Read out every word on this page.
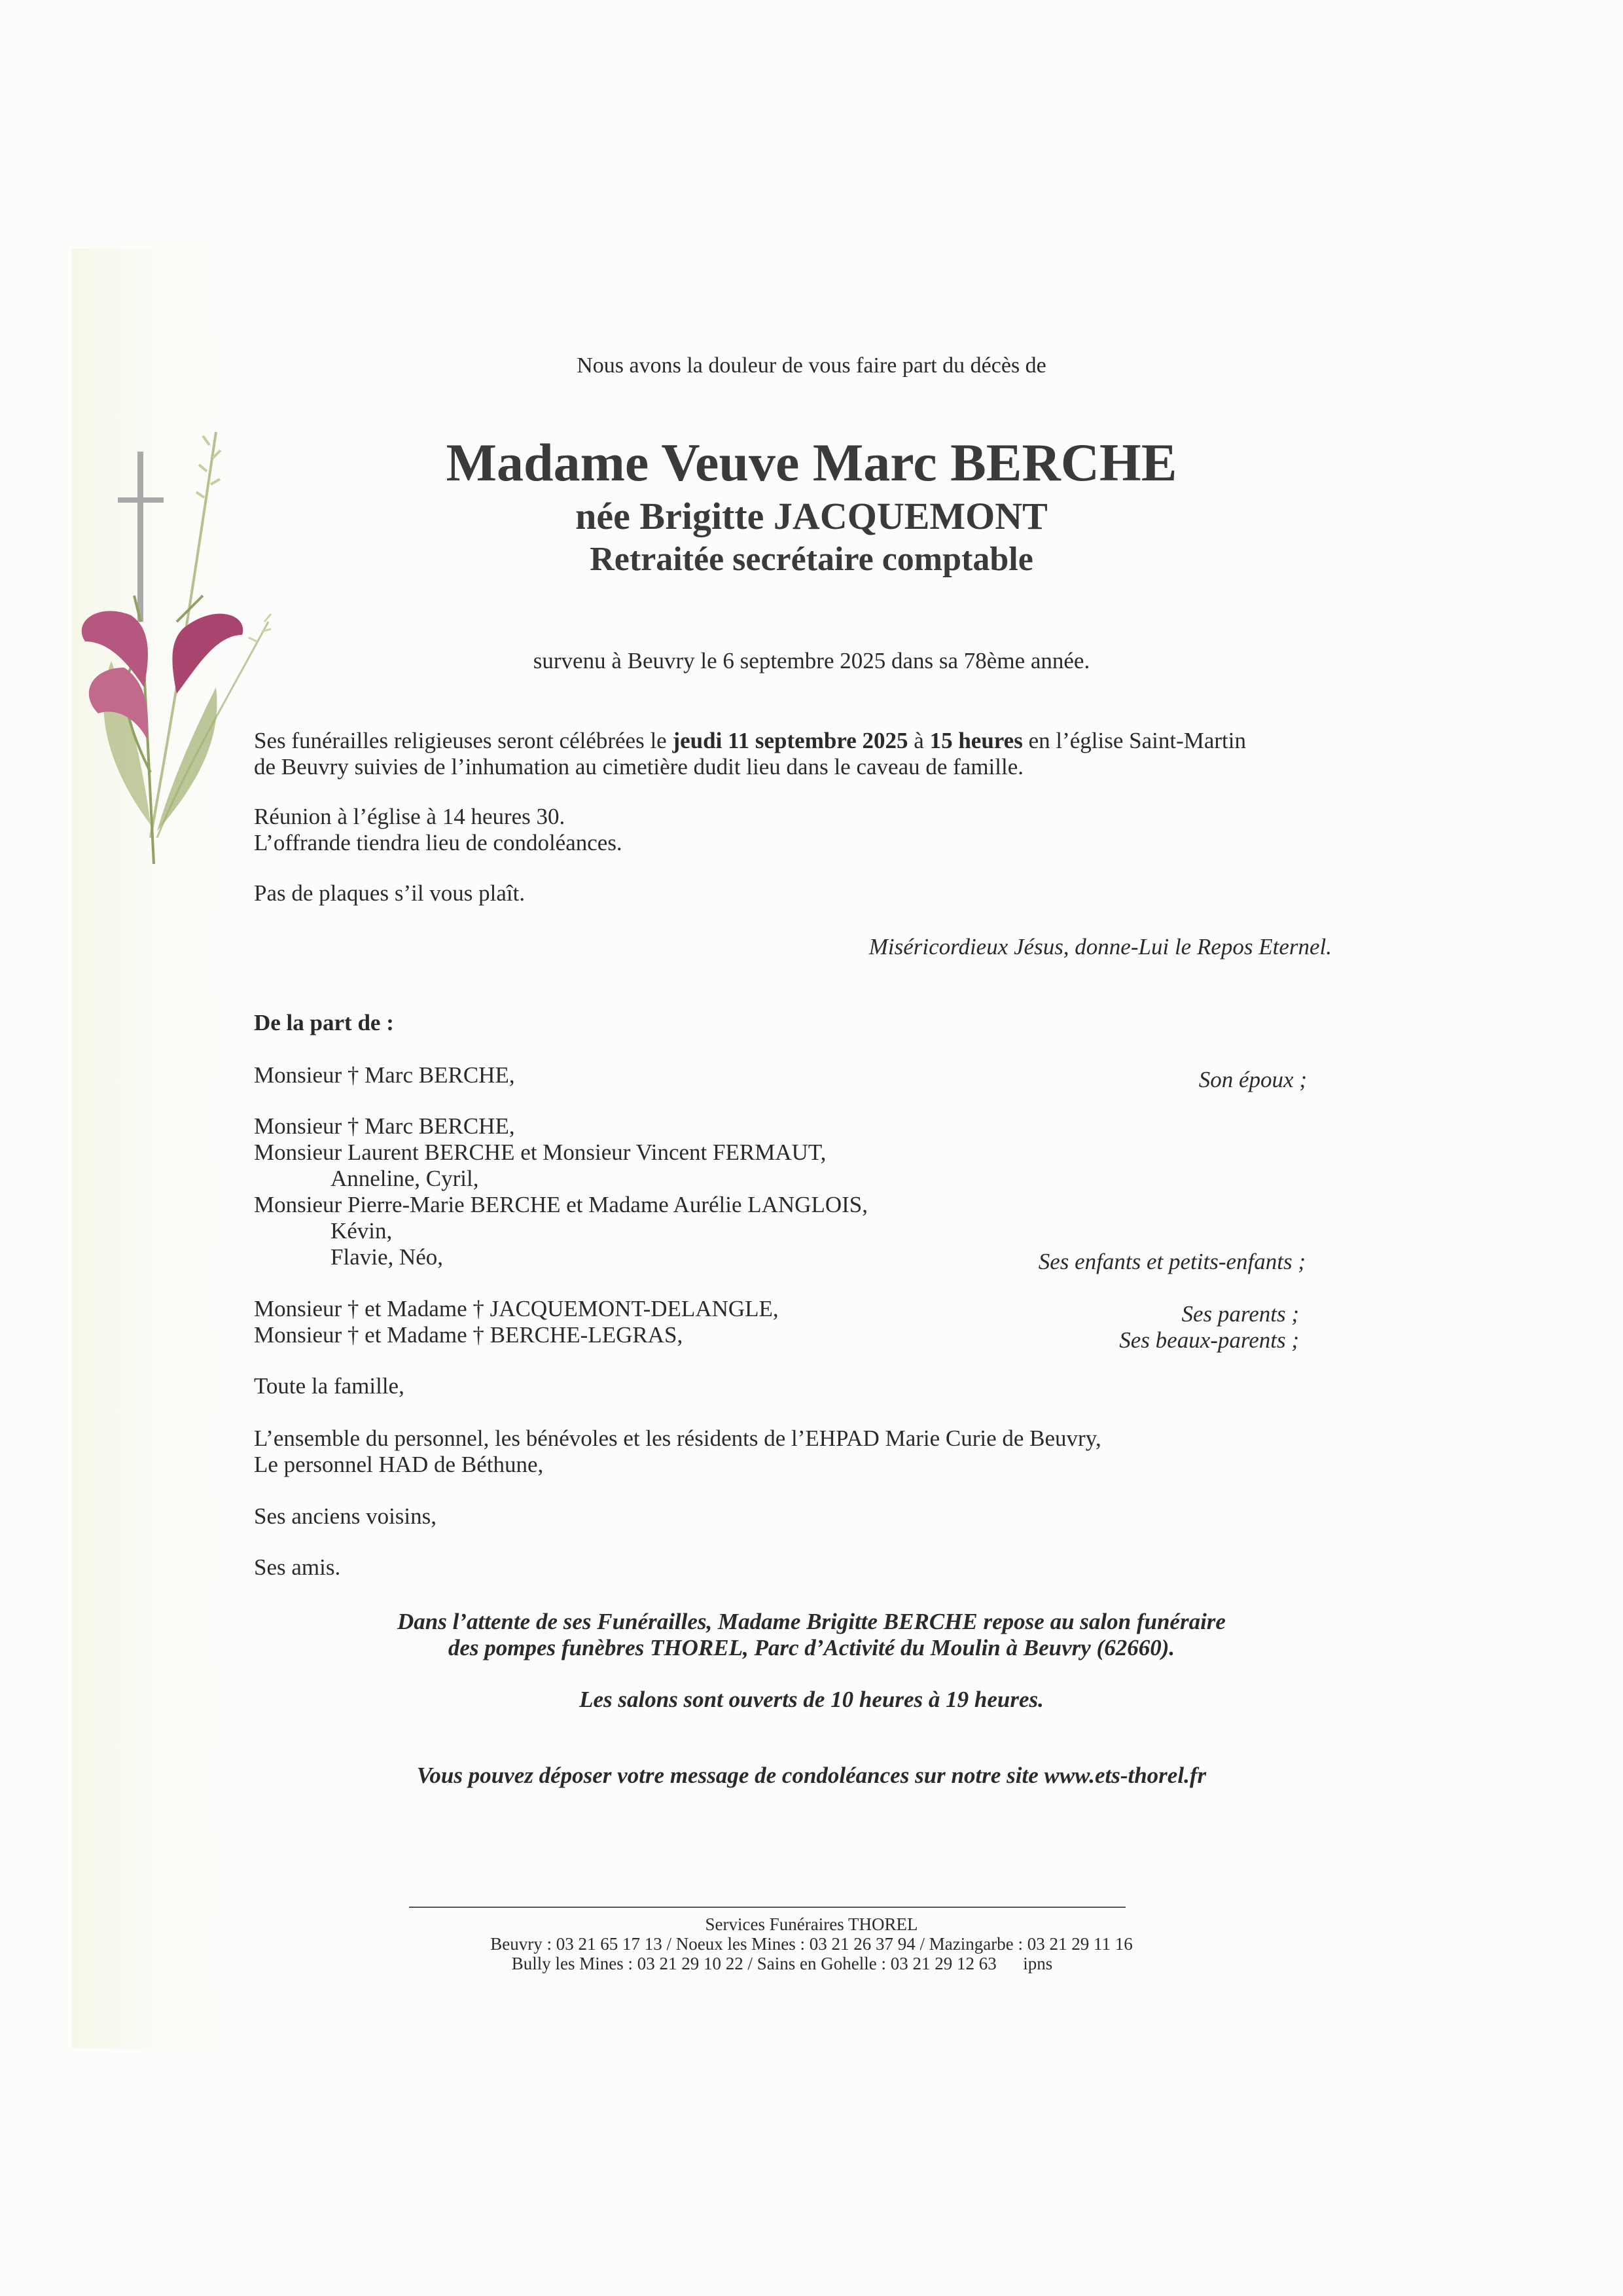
Nous avons la douleur de vous faire part du décès de
Madame Veuve Marc BERCHE
née Brigitte JACQUEMONT
Retraitée secrétaire comptable
survenu à Beuvry le 6 septembre 2025 dans sa 78ème année.
Ses funérailles religieuses seront célébrées le jeudi 11 septembre 2025 à 15 heures en l’église Saint-Martin
de Beuvry suivies de l’inhumation au cimetière dudit lieu dans le caveau de famille.
Réunion à l’église à 14 heures 30.
L’offrande tiendra lieu de condoléances.
Pas de plaques s’il vous plaît.
Miséricordieux Jésus, donne-Lui le Repos Eternel.
De la part de :
Monsieur † Marc BERCHE,	Son époux ;
Monsieur † Marc BERCHE,
Monsieur Laurent BERCHE et Monsieur Vincent FERMAUT,
Anneline, Cyril,
Monsieur Pierre-Marie BERCHE et Madame Aurélie LANGLOIS,
Kévin,
Flavie, Néo,	Ses enfants et petits-enfants ;
Monsieur † et Madame † JACQUEMONT-DELANGLE,	Ses parents ;
Monsieur † et Madame † BERCHE-LEGRAS,	Ses beaux-parents ;
Toute la famille,
L’ensemble du personnel, les bénévoles et les résidents de l’EHPAD Marie Curie de Beuvry,
Le personnel HAD de Béthune,
Ses anciens voisins,
Ses amis.
Dans l’attente de ses Funérailles, Madame Brigitte BERCHE repose au salon funéraire
des pompes funèbres THOREL, Parc d’Activité du Moulin à Beuvry (62660).
Les salons sont ouverts de 10 heures à 19 heures.
Vous pouvez déposer votre message de condoléances sur notre site www.ets-thorel.fr
Services Funéraires THOREL
Beuvry : 03 21 65 17 13 / Noeux les Mines : 03 21 26 37 94 / Mazingarbe : 03 21 29 11 16
Bully les Mines : 03 21 29 10 22 / Sains en Gohelle : 03 21 29 12 63 ipns
